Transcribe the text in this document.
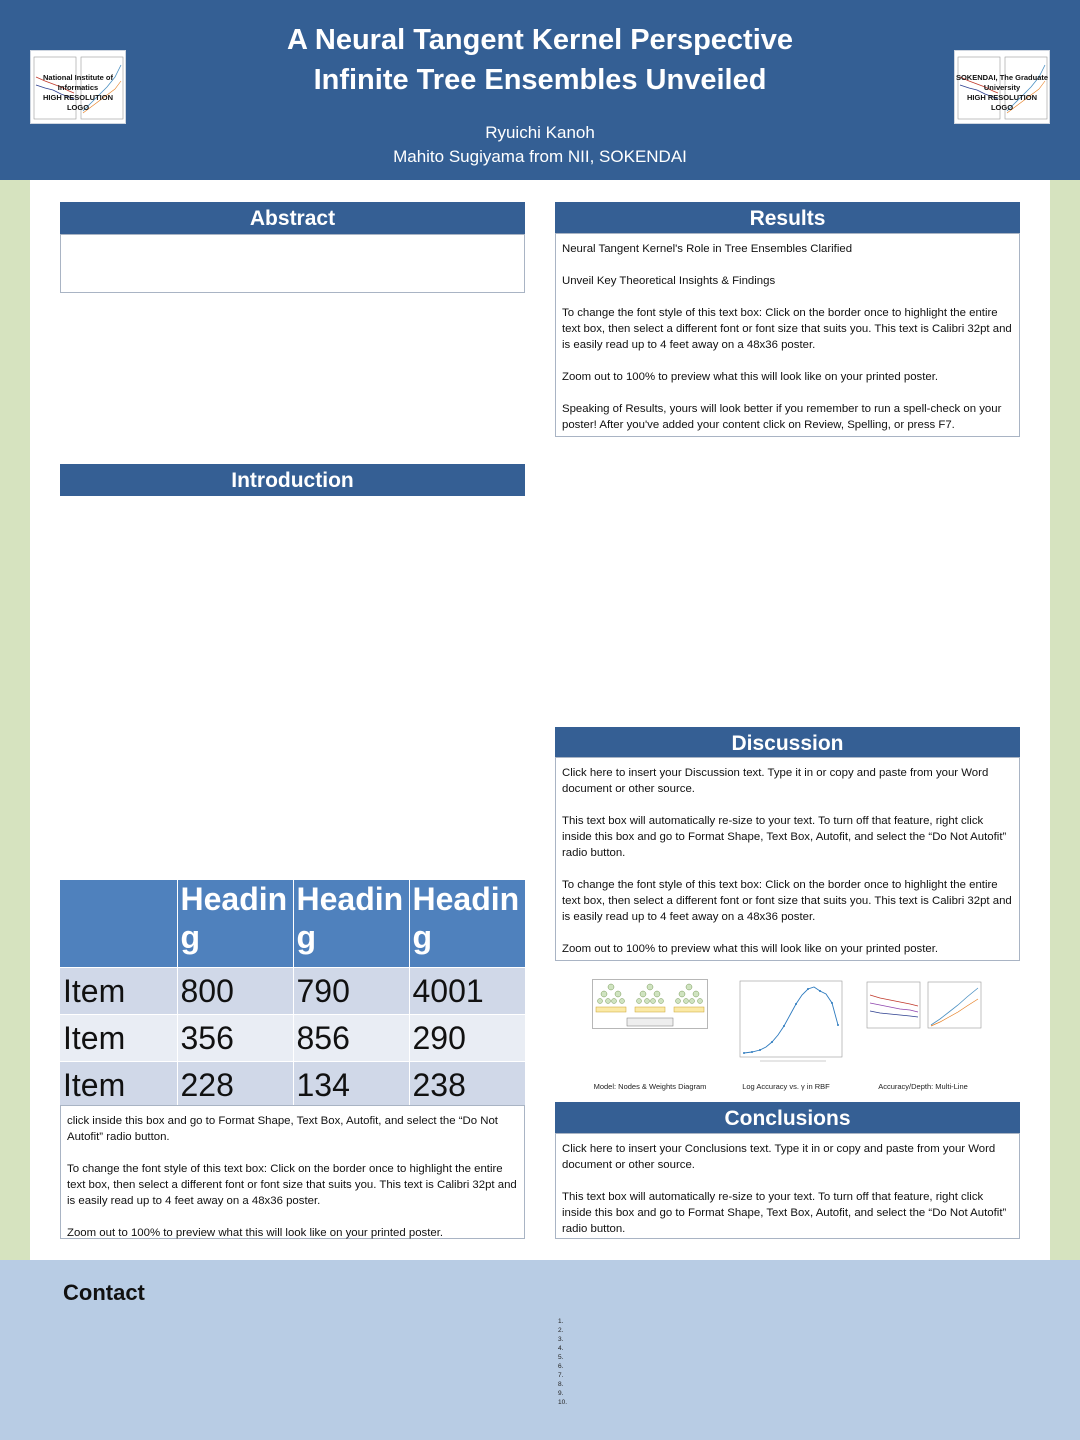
National Institute of
Informatics
HIGH RESOLUTION LOGO
A Neural Tangent Kernel Perspective
Infinite Tree Ensembles Unveiled
Ryuichi Kanoh
Mahito Sugiyama from NII, SOKENDAI
SOKENDAI, The Graduate
University
HIGH RESOLUTION LOGO
Abstract
Introduction
Results

Neural Tangent Kernel's Role in Tree Ensembles Clarified

Unveil Key Theoretical Insights & Findings

To change the font style of this text box: Click on the border once to highlight the entire text box, then select a different font or font size that suits you. This text is Calibri 32pt and is easily read up to 4 feet away on a 48x36 poster.

Zoom out to 100% to preview what this will look like on your printed poster.

Speaking of Results, yours will look better if you remember to run a spell-check on your poster! After you've added your content click on Review, Spelling, or press F7.

Discussion

Click here to insert your Discussion text. Type it in or copy and paste from your Word document or other source.

This text box will automatically re-size to your text. To turn off that feature, right click inside this box and go to Format Shape, Text Box, Autofit, and select the “Do Not Autofit” radio button.

To change the font style of this text box: Click on the border once to highlight the entire text box, then select a different font or font size that suits you. This text is Calibri 32pt and is easily read up to 4 feet away on a 48x36 poster.

Zoom out to 100% to preview what this will look like on your printed poster.

	Heading	Heading	Heading
Item	800	790	4001
Item	356	856	290
Item	228	134	238

click inside this box and go to Format Shape, Text Box, Autofit, and select the “Do Not Autofit” radio button.

To change the font style of this text box: Click on the border once to highlight the entire text box, then select a different font or font size that suits you. This text is Calibri 32pt and is easily read up to 4 feet away on a 48x36 poster.

Zoom out to 100% to preview what this will look like on your printed poster.

Model: Nodes & Weights Diagram	Log Accuracy vs. γ in RBF	Accuracy/Depth: Multi-Line
Conclusions

Click here to insert your Conclusions text. Type it in or copy and paste from your Word document or other source.

This text box will automatically re-size to your text. To turn off that feature, right click inside this box and go to Format Shape, Text Box, Autofit, and select the “Do Not Autofit” radio button.

Contact
1.
2.
3.
4.
5.
6.
7.
8.
9.
10.
